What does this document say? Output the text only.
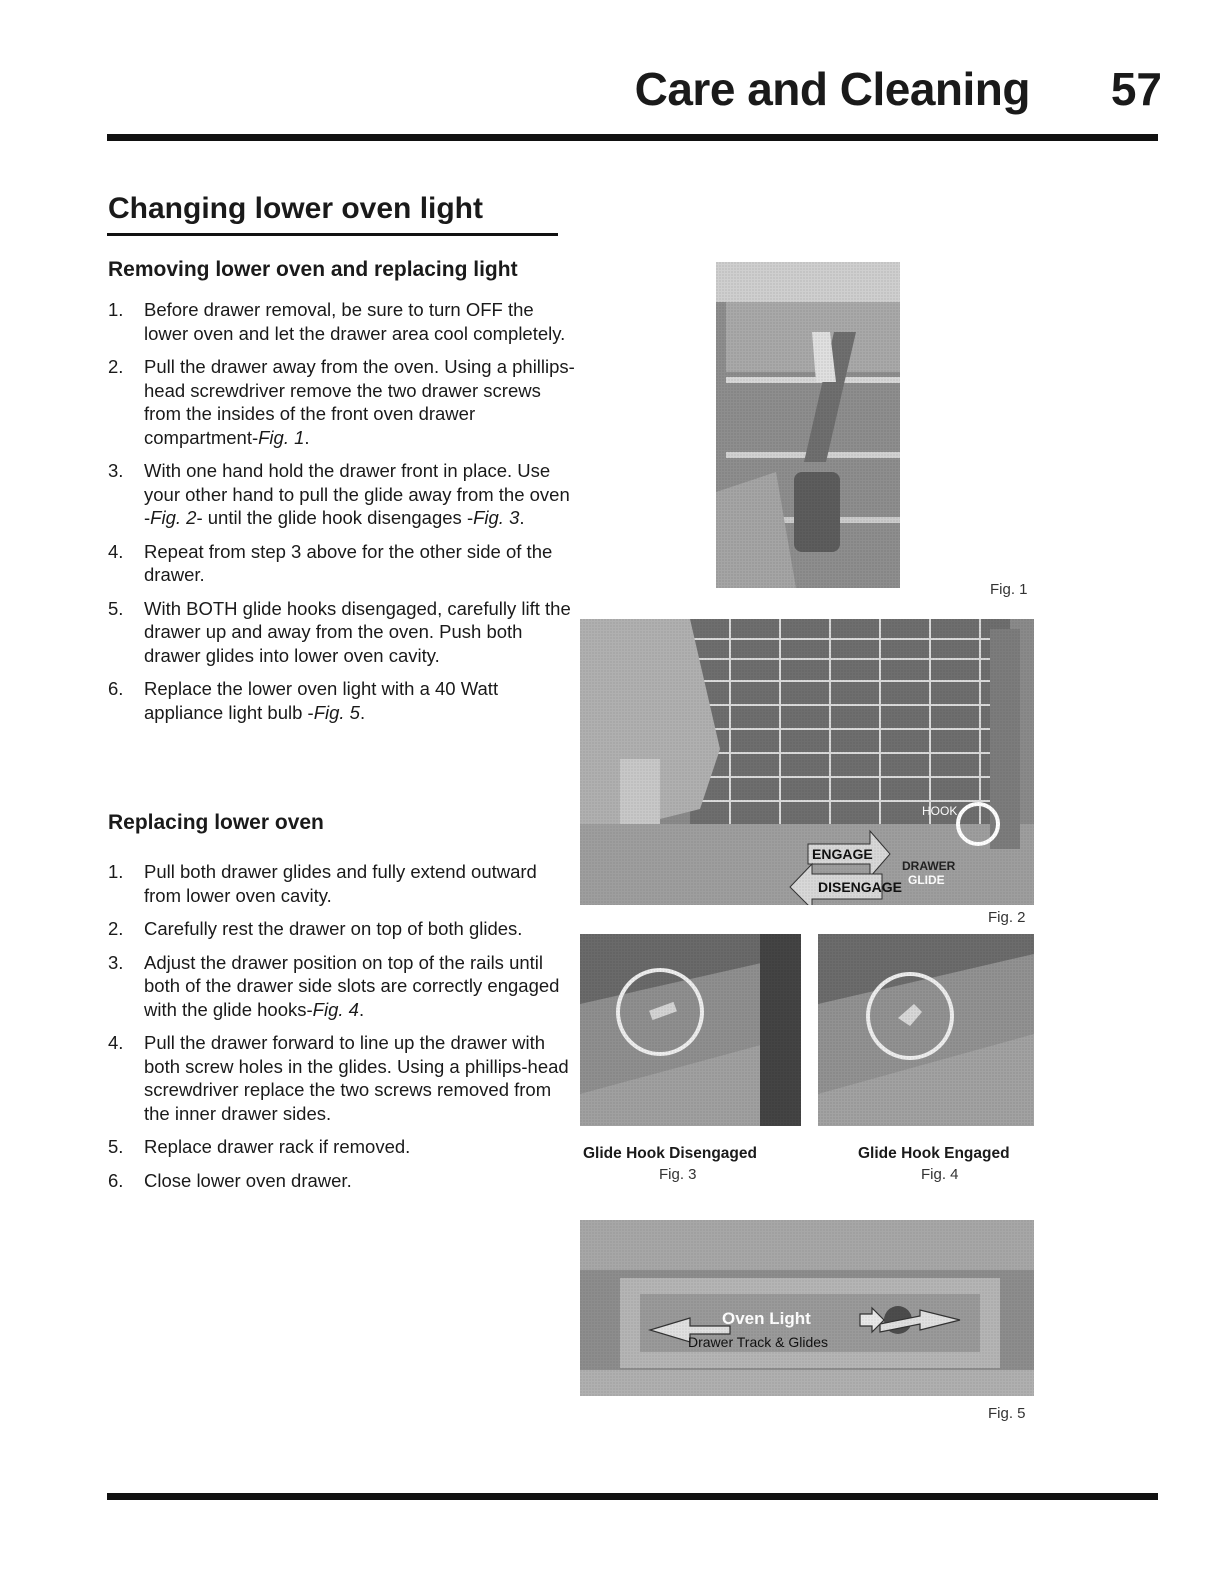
Care and Cleaning 57
Changing lower oven light
Removing lower oven and replacing light
1. Before drawer removal, be sure to turn OFF the lower oven and let the drawer area cool completely.
2. Pull the drawer away from the oven. Using a phillips-head screwdriver remove the two drawer screws from the insides of the front oven drawer compartment-Fig. 1.
3. With one hand hold the drawer front in place. Use your other hand to pull the glide away from the oven -Fig. 2- until the glide hook disengages -Fig. 3.
4. Repeat from step 3 above for the other side of the drawer.
5. With BOTH glide hooks disengaged, carefully lift the drawer up and away from the oven. Push both drawer glides into lower oven cavity.
6. Replace the lower oven light with a 40 Watt appliance light bulb -Fig. 5.
Replacing lower oven
1. Pull both drawer glides and fully extend outward from lower oven cavity.
2. Carefully rest the drawer on top of both glides.
3. Adjust the drawer position on top of the rails until both of the drawer side slots are correctly engaged with the glide hooks-Fig. 4.
4. Pull the drawer forward to line up the drawer with both screw holes in the glides. Using a phillips-head screwdriver replace the two screws removed from the inner drawer sides.
5. Replace drawer rack if removed.
6. Close lower oven drawer.
Fig. 1
Fig. 2
Glide Hook Disengaged
Fig. 3
Glide Hook Engaged
Fig. 4
Fig. 5
